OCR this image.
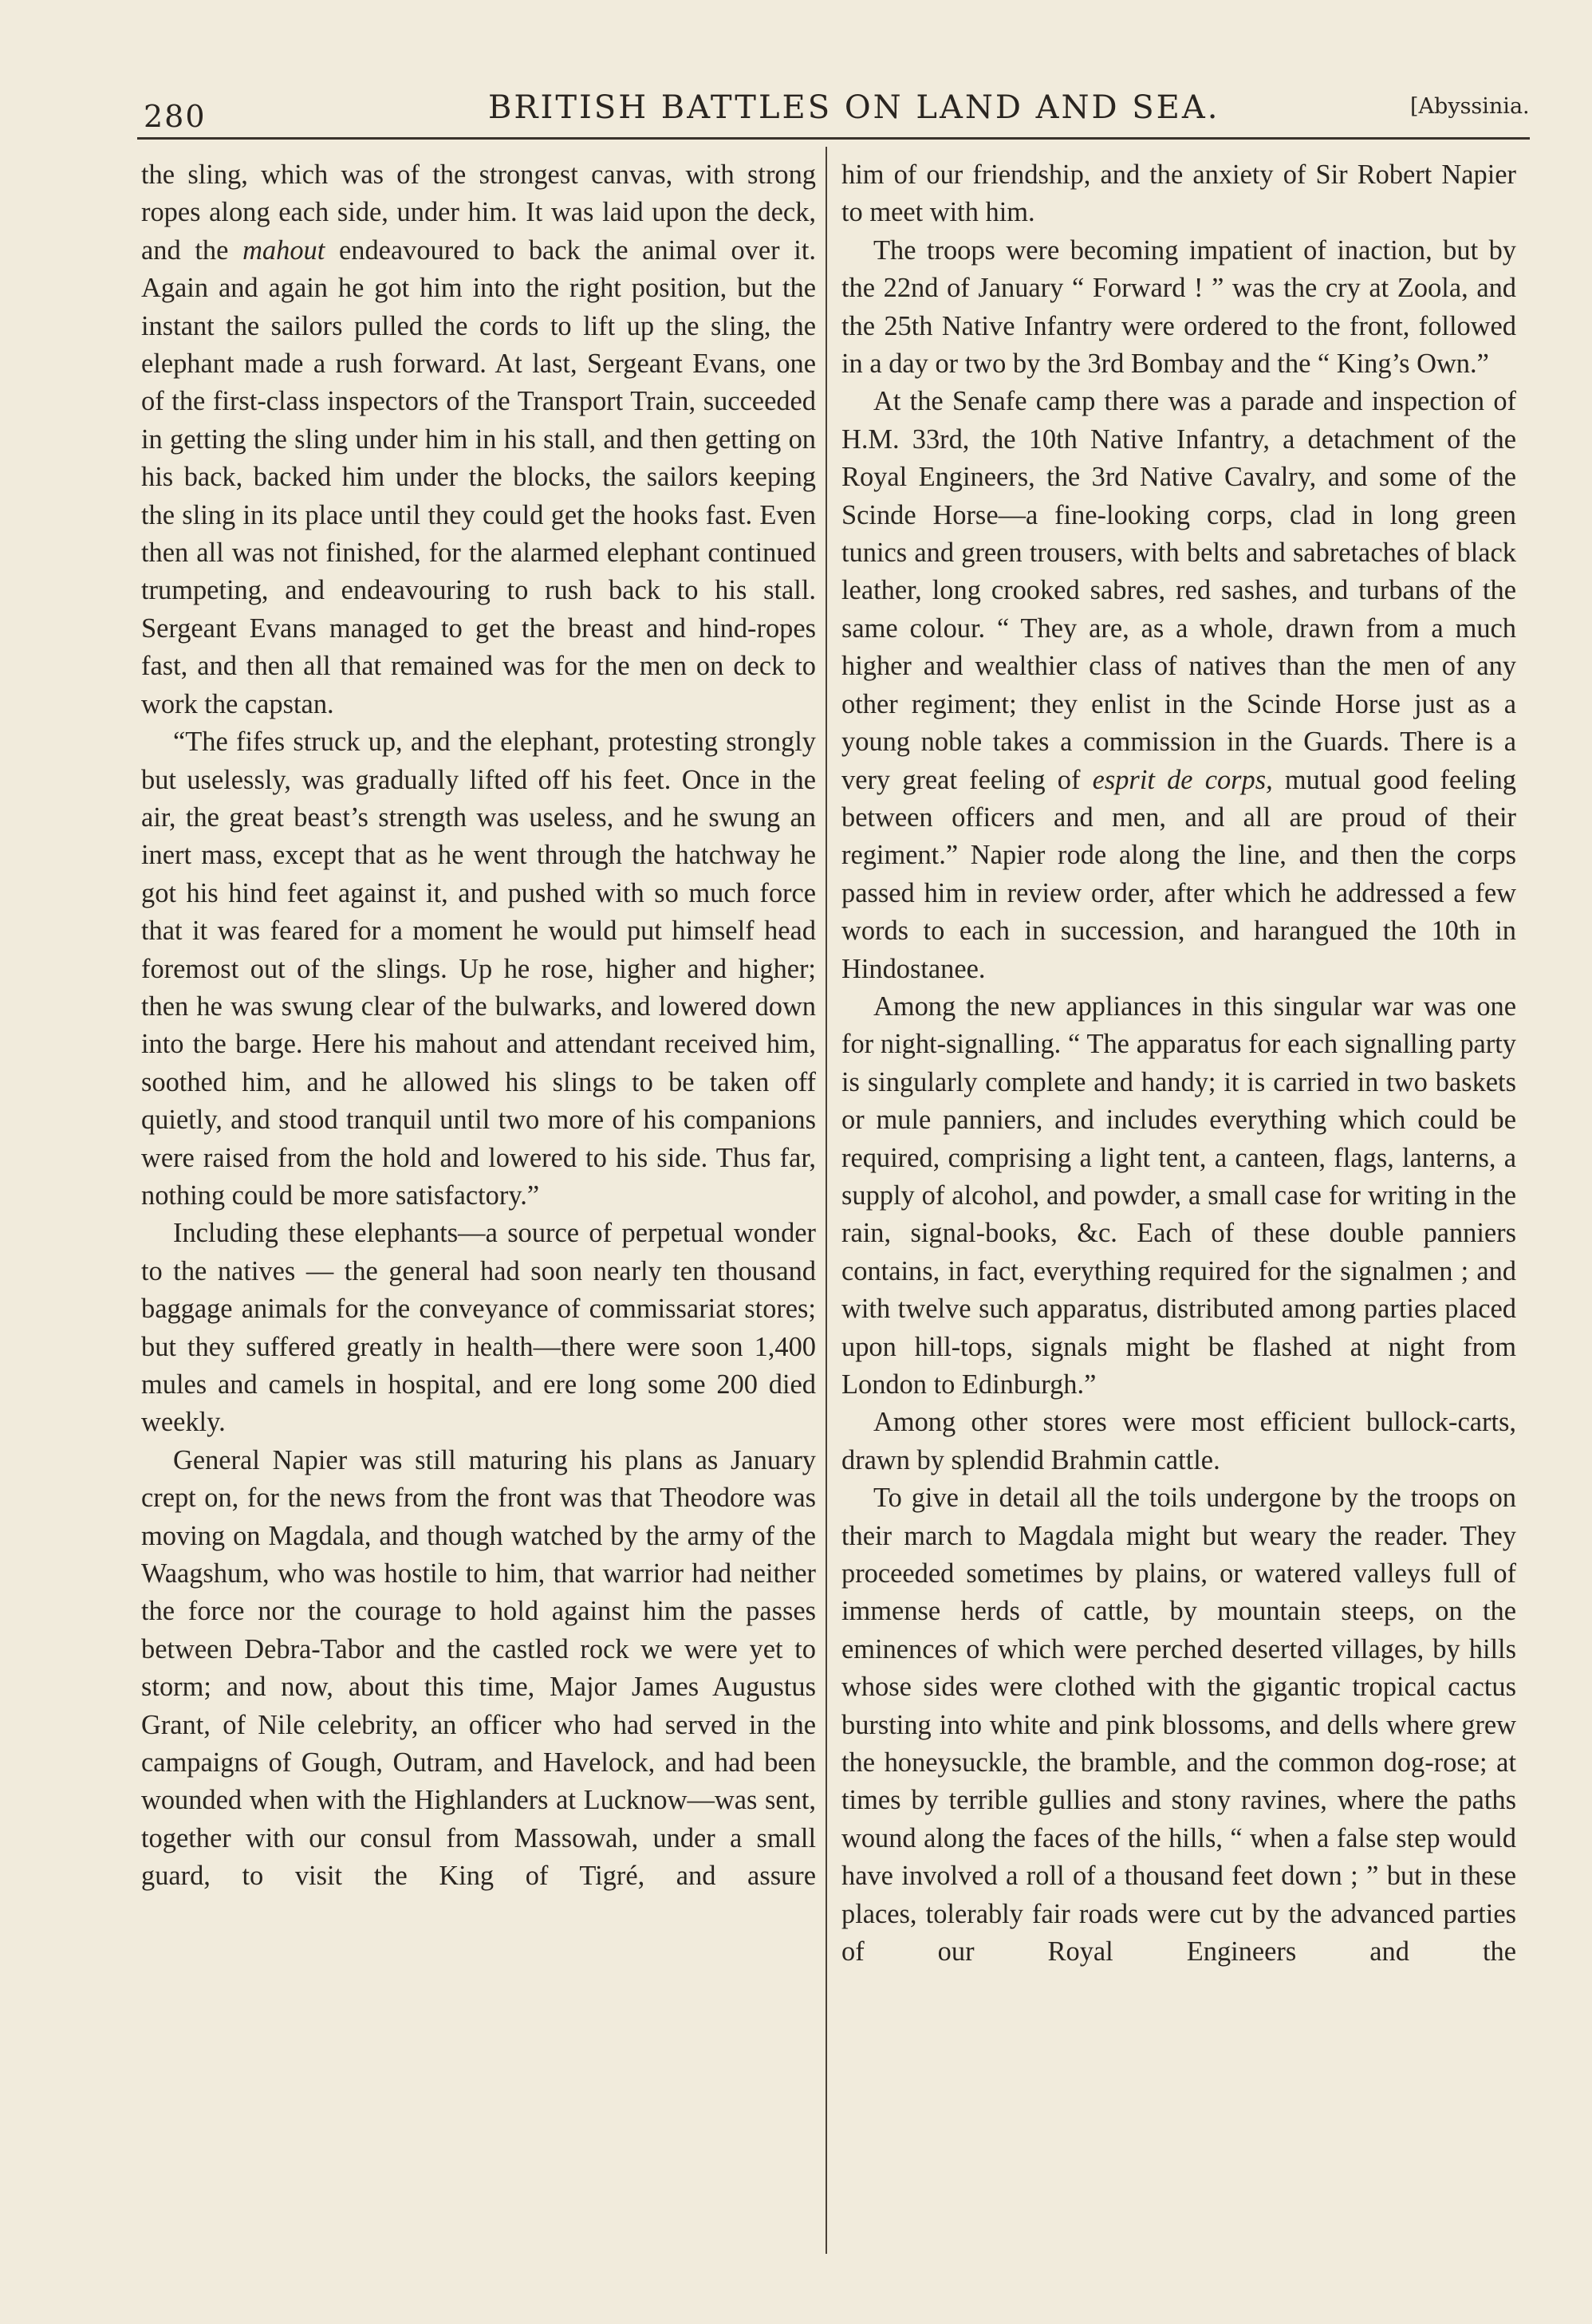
280	BRITISH BATTLES ON LAND AND SEA.	[Abyssinia.

the sling, which was of the strongest canvas, with strong ropes along each side, under him. It was laid upon the deck, and the mahout endeavoured to back the animal over it. Again and again he got him into the right position, but the instant the sailors pulled the cords to lift up the sling, the elephant made a rush forward. At last, Sergeant Evans, one of the first-class inspectors of the Transport Train, succeeded in getting the sling under him in his stall, and then getting on his back, backed him under the blocks, the sailors keeping the sling in its place until they could get the hooks fast. Even then all was not finished, for the alarmed elephant continued trumpeting, and endeavouring to rush back to his stall. Sergeant Evans managed to get the breast and hind-ropes fast, and then all that remained was for the men on deck to work the capstan.

“The fifes struck up, and the elephant, protesting strongly but uselessly, was gradually lifted off his feet. Once in the air, the great beast’s strength was useless, and he swung an inert mass, except that as he went through the hatchway he got his hind feet against it, and pushed with so much force that it was feared for a moment he would put himself head foremost out of the slings. Up he rose, higher and higher; then he was swung clear of the bulwarks, and lowered down into the barge. Here his mahout and attendant received him, soothed him, and he allowed his slings to be taken off quietly, and stood tranquil until two more of his companions were raised from the hold and lowered to his side. Thus far, nothing could be more satisfactory.”

Including these elephants—a source of perpetual wonder to the natives — the general had soon nearly ten thousand baggage animals for the conveyance of commissariat stores; but they suffered greatly in health—there were soon 1,400 mules and camels in hospital, and ere long some 200 died weekly.

General Napier was still maturing his plans as January crept on, for the news from the front was that Theodore was moving on Magdala, and though watched by the army of the Waagshum, who was hostile to him, that warrior had neither the force nor the courage to hold against him the passes between Debra-Tabor and the castled rock we were yet to storm; and now, about this time, Major James Augustus Grant, of Nile celebrity, an officer who had served in the campaigns of Gough, Outram, and Havelock, and had been wounded when with the Highlanders at Lucknow—was sent, together with our consul from Massowah, under a small guard, to visit the King of Tigré, and assure

him of our friendship, and the anxiety of Sir Robert Napier to meet with him.

The troops were becoming impatient of inaction, but by the 22nd of January “ Forward ! ” was the cry at Zoola, and the 25th Native Infantry were ordered to the front, followed in a day or two by the 3rd Bombay and the “ King’s Own.”

At the Senafe camp there was a parade and inspection of H.M. 33rd, the 10th Native Infantry, a detachment of the Royal Engineers, the 3rd Native Cavalry, and some of the Scinde Horse—a fine-looking corps, clad in long green tunics and green trousers, with belts and sabretaches of black leather, long crooked sabres, red sashes, and turbans of the same colour. “ They are, as a whole, drawn from a much higher and wealthier class of natives than the men of any other regiment; they enlist in the Scinde Horse just as a young noble takes a commission in the Guards. There is a very great feeling of esprit de corps, mutual good feeling between officers and men, and all are proud of their regiment.” Napier rode along the line, and then the corps passed him in review order, after which he addressed a few words to each in succession, and harangued the 10th in Hindostanee.

Among the new appliances in this singular war was one for night-signalling. “ The apparatus for each signalling party is singularly complete and handy; it is carried in two baskets or mule panniers, and includes everything which could be required, comprising a light tent, a canteen, flags, lanterns, a supply of alcohol, and powder, a small case for writing in the rain, signal-books, &c. Each of these double panniers contains, in fact, everything required for the signalmen ; and with twelve such apparatus, distributed among parties placed upon hill-tops, signals might be flashed at night from London to Edinburgh.”

Among other stores were most efficient bullock-carts, drawn by splendid Brahmin cattle.

To give in detail all the toils undergone by the troops on their march to Magdala might but weary the reader. They proceeded sometimes by plains, or watered valleys full of immense herds of cattle, by mountain steeps, on the eminences of which were perched deserted villages, by hills whose sides were clothed with the gigantic tropical cactus bursting into white and pink blossoms, and dells where grew the honeysuckle, the bramble, and the common dog-rose; at times by terrible gullies and stony ravines, where the paths wound along the faces of the hills, “ when a false step would have involved a roll of a thousand feet down ; ” but in these places, tolerably fair roads were cut by the advanced parties of our Royal Engineers and the
